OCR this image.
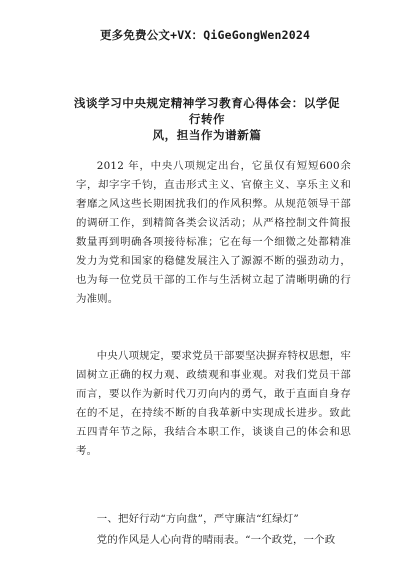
更多免费公文+VX：QiGeGongWen2024
浅谈学习中央规定精神学习教育心得体会：以学促行转作
风，担当作为谱新篇
2012 年，中央八项规定出台，它虽仅有短短600余字，却字字千钧，直击形式主义、官僚主义、享乐主义和奢靡之风这些长期困扰我们的作风积弊。从规范领导干部的调研工作，到精简各类会议活动；从严格控制文件简报数量再到明确各项接待标准；它在每一个细微之处都精准发力为党和国家的稳健发展注入了源源不断的强劲动力，也为每一位党员干部的工作与生活树立起了清晰明确的行为准则。
中央八项规定，要求党员干部要坚决摒弃特权思想，牢固树立正确的权力观、政绩观和事业观。对我们党员干部而言，要以作为新时代刀刃向内的勇气，敢于直面自身存在的不足，在持续不断的自我革新中实现成长进步。致此五四青年节之际，我结合本职工作，谈谈自己的体会和思考。
一、把好行动“方向盘”，严守廉洁“红绿灯”
党的作风是人心向背的晴雨表。“一个政党，一个政
